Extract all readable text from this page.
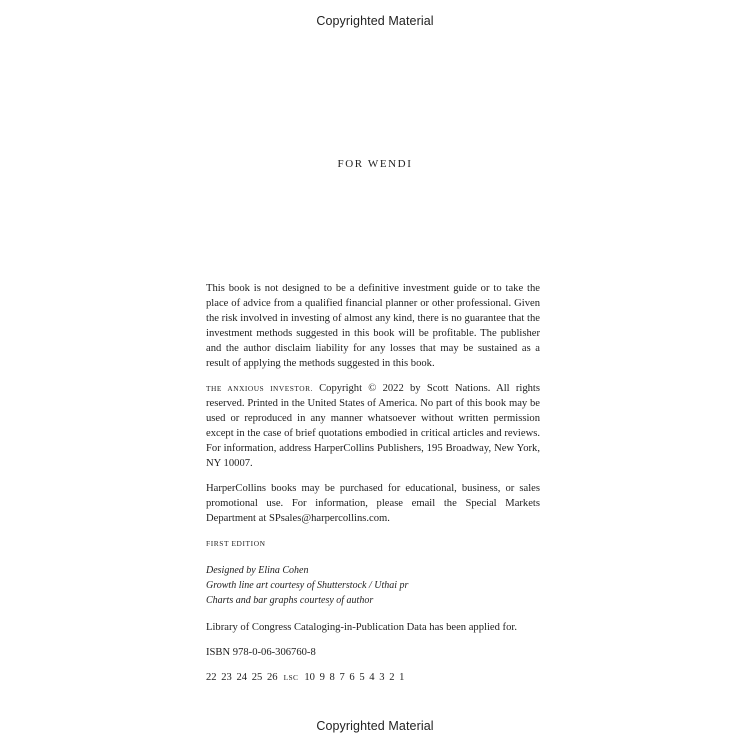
Copyrighted Material
FOR WENDI

This book is not designed to be a definitive investment guide or to take the place of advice from a qualified financial planner or other professional. Given the risk involved in investing of almost any kind, there is no guarantee that the investment methods suggested in this book will be profitable. The publisher and the author disclaim liability for any losses that may be sustained as a result of applying the methods suggested in this book.

THE ANXIOUS INVESTOR. Copyright © 2022 by Scott Nations. All rights reserved. Printed in the United States of America. No part of this book may be used or reproduced in any manner whatsoever without written permission except in the case of brief quotations embodied in critical articles and reviews. For information, address HarperCollins Publishers, 195 Broadway, New York, NY 10007.

HarperCollins books may be purchased for educational, business, or sales promotional use. For information, please email the Special Markets Department at SPsales@harpercollins.com.

FIRST EDITION
Designed by Elina Cohen
Growth line art courtesy of Shutterstock / Uthai pr
Charts and bar graphs courtesy of author

Library of Congress Cataloging-in-Publication Data has been applied for.

ISBN 978-0-06-306760-8

22 23 24 25 26 LSC 10 9 8 7 6 5 4 3 2 1

Copyrighted Material
